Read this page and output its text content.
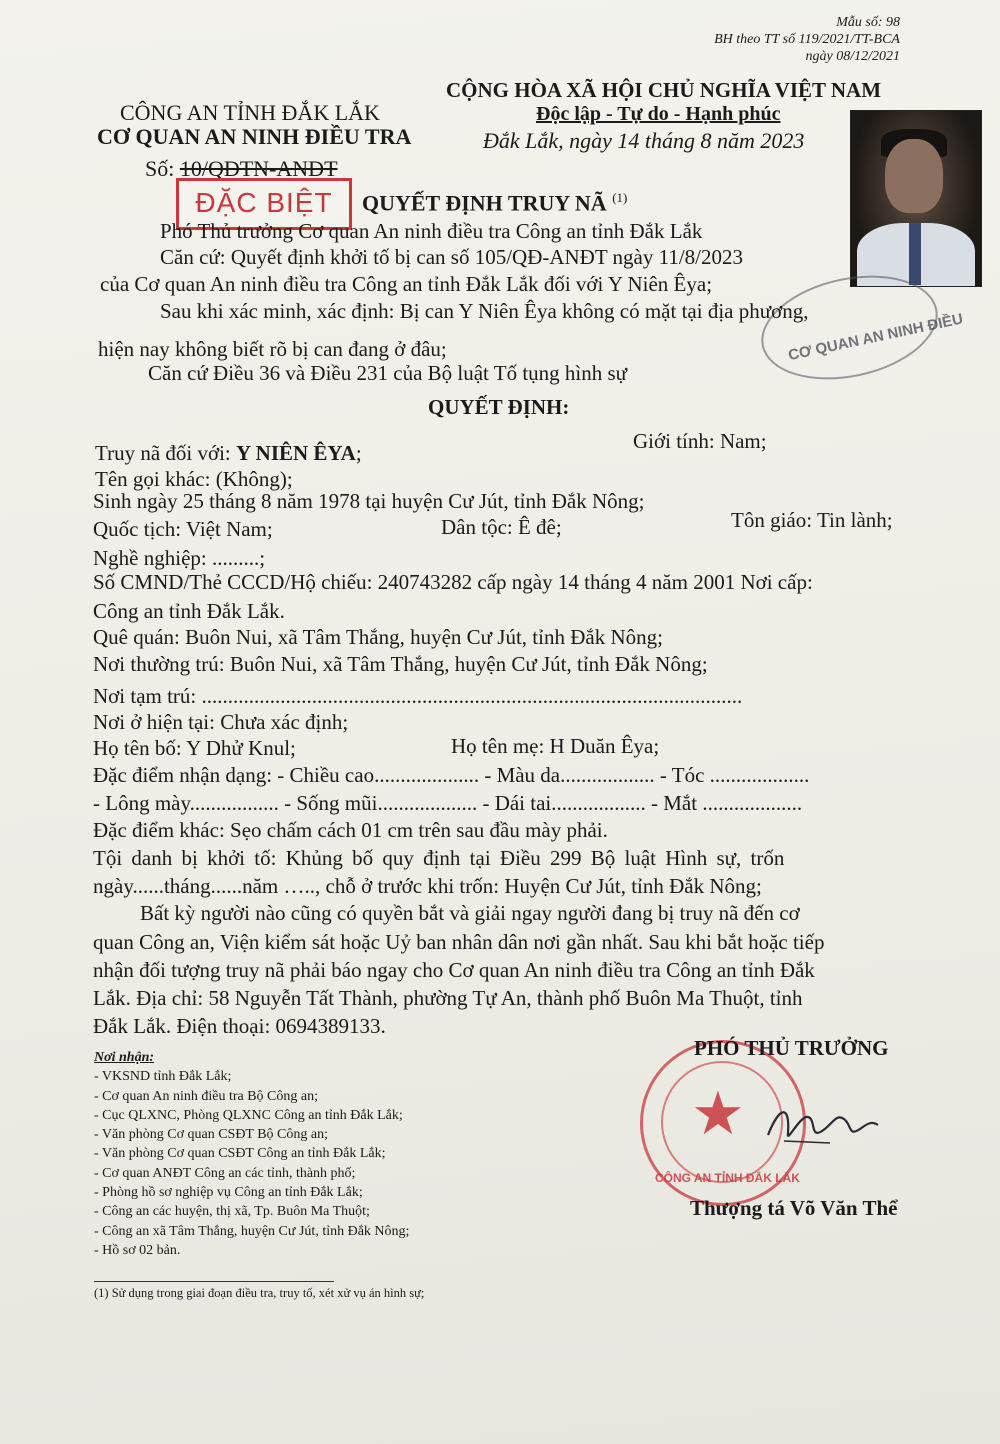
Mẫu số: 98
BH theo TT số 119/2021/TT-BCA
ngày 08/12/2021
CÔNG AN TỈNH ĐẮK LẮK
CƠ QUAN AN NINH ĐIỀU TRA
Số: 10/QĐTN-ANĐT
CỘNG HÒA XÃ HỘI CHỦ NGHĨA VIỆT NAM
Độc lập - Tự do - Hạnh phúc
Đắk Lắk, ngày 14 tháng 8 năm 2023
ĐẶC BIỆT	QUYẾT ĐỊNH TRUY NÃ $^{(1)}$
CƠ QUAN AN NINH ĐIỀU
Phó Thủ trưởng Cơ quan An ninh điều tra Công an tỉnh Đắk Lắk
Căn cứ: Quyết định khởi tố bị can số 105/QĐ-ANĐT ngày 11/8/2023
của Cơ quan An ninh điều tra Công an tỉnh Đắk Lắk đối với Y Niên Êya;
Sau khi xác minh, xác định: Bị can Y Niên Êya không có mặt tại địa phương,
hiện nay không biết rõ bị can đang ở đâu;
Căn cứ Điều 36 và Điều 231 của Bộ luật Tố tụng hình sự
QUYẾT ĐỊNH:
Truy nã đối với: Y NIÊN ÊYA;	Giới tính: Nam;
Tên gọi khác: (Không);
Sinh ngày 25 tháng 8 năm 1978 tại huyện Cư Jút, tỉnh Đắk Nông;
Quốc tịch: Việt Nam;	Dân tộc: Ê đê;	Tôn giáo: Tin lành;
Nghề nghiệp: .........;
Số CMND/Thẻ CCCD/Hộ chiếu: 240743282 cấp ngày 14 tháng 4 năm 2001 Nơi cấp:
Công an tỉnh Đắk Lắk.
Quê quán: Buôn Nui, xã Tâm Thắng, huyện Cư Jút, tỉnh Đắk Nông;
Nơi thường trú: Buôn Nui, xã Tâm Thắng, huyện Cư Jút, tỉnh Đắk Nông;
Nơi tạm trú: .......................................................................................................
Nơi ở hiện tại: Chưa xác định;
Họ tên bố: Y Dhử Knul;	Họ tên mẹ: H Duăn Êya;
Đặc điểm nhận dạng: - Chiều cao.................... - Màu da.................. - Tóc ...................
- Lông mày................. - Sống mũi................... - Dái tai.................. - Mắt ...................
Đặc điểm khác: Sẹo chấm cách 01 cm trên sau đầu mày phải.
Tội danh bị khởi tố: Khủng bố quy định tại Điều 299 Bộ luật Hình sự, trốn
ngày......tháng......năm ….., chỗ ở trước khi trốn: Huyện Cư Jút, tỉnh Đắk Nông;
Bất kỳ người nào cũng có quyền bắt và giải ngay người đang bị truy nã đến cơ
quan Công an, Viện kiểm sát hoặc Uỷ ban nhân dân nơi gần nhất. Sau khi bắt hoặc tiếp
nhận đối tượng truy nã phải báo ngay cho Cơ quan An ninh điều tra Công an tỉnh Đắk
Lắk. Địa chỉ: 58 Nguyễn Tất Thành, phường Tự An, thành phố Buôn Ma Thuột, tỉnh
Đắk Lắk. Điện thoại: 0694389133.
Nơi nhận:
- VKSND tỉnh Đắk Lắk;
- Cơ quan An ninh điều tra Bộ Công an;
- Cục QLXNC, Phòng QLXNC Công an tỉnh Đắk Lắk;
- Văn phòng Cơ quan CSĐT Bộ Công an;
- Văn phòng Cơ quan CSĐT Công an tỉnh Đắk Lắk;
- Cơ quan ANĐT Công an các tỉnh, thành phố;
- Phòng hồ sơ nghiệp vụ Công an tỉnh Đắk Lắk;
- Công an các huyện, thị xã, Tp. Buôn Ma Thuột;
- Công an xã Tâm Thắng, huyện Cư Jút, tỉnh Đắk Nông;
- Hồ sơ 02 bản.
(1) Sử dụng trong giai đoạn điều tra, truy tố, xét xử vụ án hình sự;
★
CÔNG AN TỈNH ĐẮK LẮK
PHÓ THỦ TRƯỞNG
Thượng tá Võ Văn Thể
